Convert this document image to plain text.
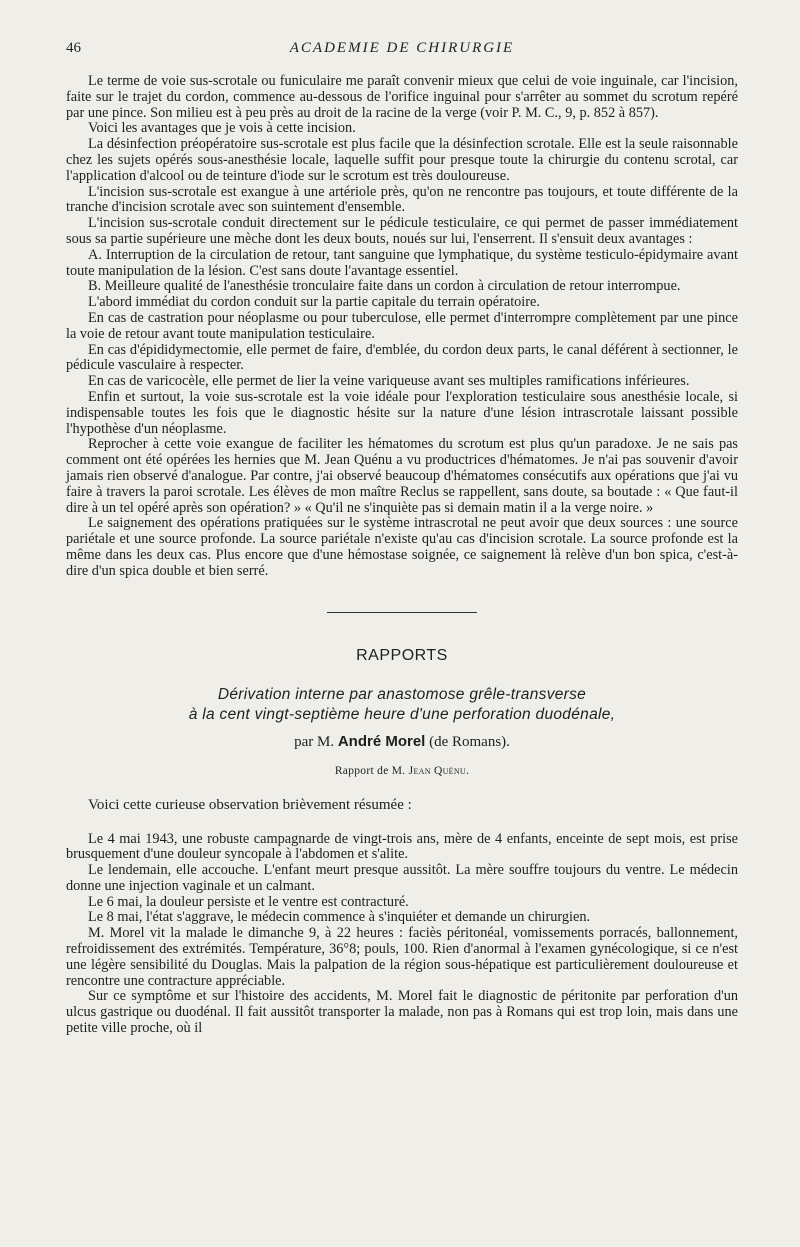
46	ACADEMIE DE CHIRURGIE

Le terme de voie sus-scrotale ou funiculaire me paraît convenir mieux que celui de voie inguinale, car l'incision, faite sur le trajet du cordon, commence au-dessous de l'orifice inguinal pour s'arrêter au sommet du scrotum repéré par une pince. Son milieu est à peu près au droit de la racine de la verge (voir P. M. C., 9, p. 852 à 857).

Voici les avantages que je vois à cette incision.

La désinfection préopératoire sus-scrotale est plus facile que la désinfection scrotale. Elle est la seule raisonnable chez les sujets opérés sous-anesthésie locale, laquelle suffit pour presque toute la chirurgie du contenu scrotal, car l'application d'alcool ou de teinture d'iode sur le scrotum est très douloureuse.

L'incision sus-scrotale est exangue à une artériole près, qu'on ne rencontre pas toujours, et toute différente de la tranche d'incision scrotale avec son suintement d'ensemble.

L'incision sus-scrotale conduit directement sur le pédicule testiculaire, ce qui permet de passer immédiatement sous sa partie supérieure une mèche dont les deux bouts, noués sur lui, l'enserrent. Il s'ensuit deux avantages :

A. Interruption de la circulation de retour, tant sanguine que lymphatique, du système testiculo-épidymaire avant toute manipulation de la lésion. C'est sans doute l'avantage essentiel.

B. Meilleure qualité de l'anesthésie tronculaire faite dans un cordon à circulation de retour interrompue.

L'abord immédiat du cordon conduit sur la partie capitale du terrain opératoire.

En cas de castration pour néoplasme ou pour tuberculose, elle permet d'interrompre complètement par une pince la voie de retour avant toute manipulation testiculaire.

En cas d'épididymectomie, elle permet de faire, d'emblée, du cordon deux parts, le canal déférent à sectionner, le pédicule vasculaire à respecter.

En cas de varicocèle, elle permet de lier la veine variqueuse avant ses multiples ramifications inférieures.

Enfin et surtout, la voie sus-scrotale est la voie idéale pour l'exploration testiculaire sous anesthésie locale, si indispensable toutes les fois que le diagnostic hésite sur la nature d'une lésion intrascrotale laissant possible l'hypothèse d'un néoplasme.

Reprocher à cette voie exangue de faciliter les hématomes du scrotum est plus qu'un paradoxe. Je ne sais pas comment ont été opérées les hernies que M. Jean Quénu a vu productrices d'hématomes. Je n'ai pas souvenir d'avoir jamais rien observé d'analogue. Par contre, j'ai observé beaucoup d'hématomes consécutifs aux opérations que j'ai vu faire à travers la paroi scrotale. Les élèves de mon maître Reclus se rappellent, sans doute, sa boutade : « Que faut-il dire à un tel opéré après son opération? » « Qu'il ne s'inquiète pas si demain matin il a la verge noire. »

Le saignement des opérations pratiquées sur le système intrascrotal ne peut avoir que deux sources : une source pariétale et une source profonde. La source pariétale n'existe qu'au cas d'incision scrotale. La source profonde est la même dans les deux cas. Plus encore que d'une hémostase soignée, ce saignement là relève d'un bon spica, c'est-à-dire d'un spica double et bien serré.

RAPPORTS
Dérivation interne par anastomose grêle-transverse
à la cent vingt-septième heure d'une perforation duodénale,
par M. André Morel (de Romans).
Rapport de M. Jean Quénu.
Voici cette curieuse observation brièvement résumée :

Le 4 mai 1943, une robuste campagnarde de vingt-trois ans, mère de 4 enfants, enceinte de sept mois, est prise brusquement d'une douleur syncopale à l'abdomen et s'alite.

Le lendemain, elle accouche. L'enfant meurt presque aussitôt. La mère souffre toujours du ventre. Le médecin donne une injection vaginale et un calmant.

Le 6 mai, la douleur persiste et le ventre est contracturé.

Le 8 mai, l'état s'aggrave, le médecin commence à s'inquiéter et demande un chirurgien.

M. Morel vit la malade le dimanche 9, à 22 heures : faciès péritonéal, vomissements porracés, ballonnement, refroidissement des extrémités. Température, 36°8; pouls, 100. Rien d'anormal à l'examen gynécologique, si ce n'est une légère sensibilité du Douglas. Mais la palpation de la région sous-hépatique est particulièrement douloureuse et rencontre une contracture appréciable.

Sur ce symptôme et sur l'histoire des accidents, M. Morel fait le diagnostic de péritonite par perforation d'un ulcus gastrique ou duodénal. Il fait aussitôt transporter la malade, non pas à Romans qui est trop loin, mais dans une petite ville proche, où il
